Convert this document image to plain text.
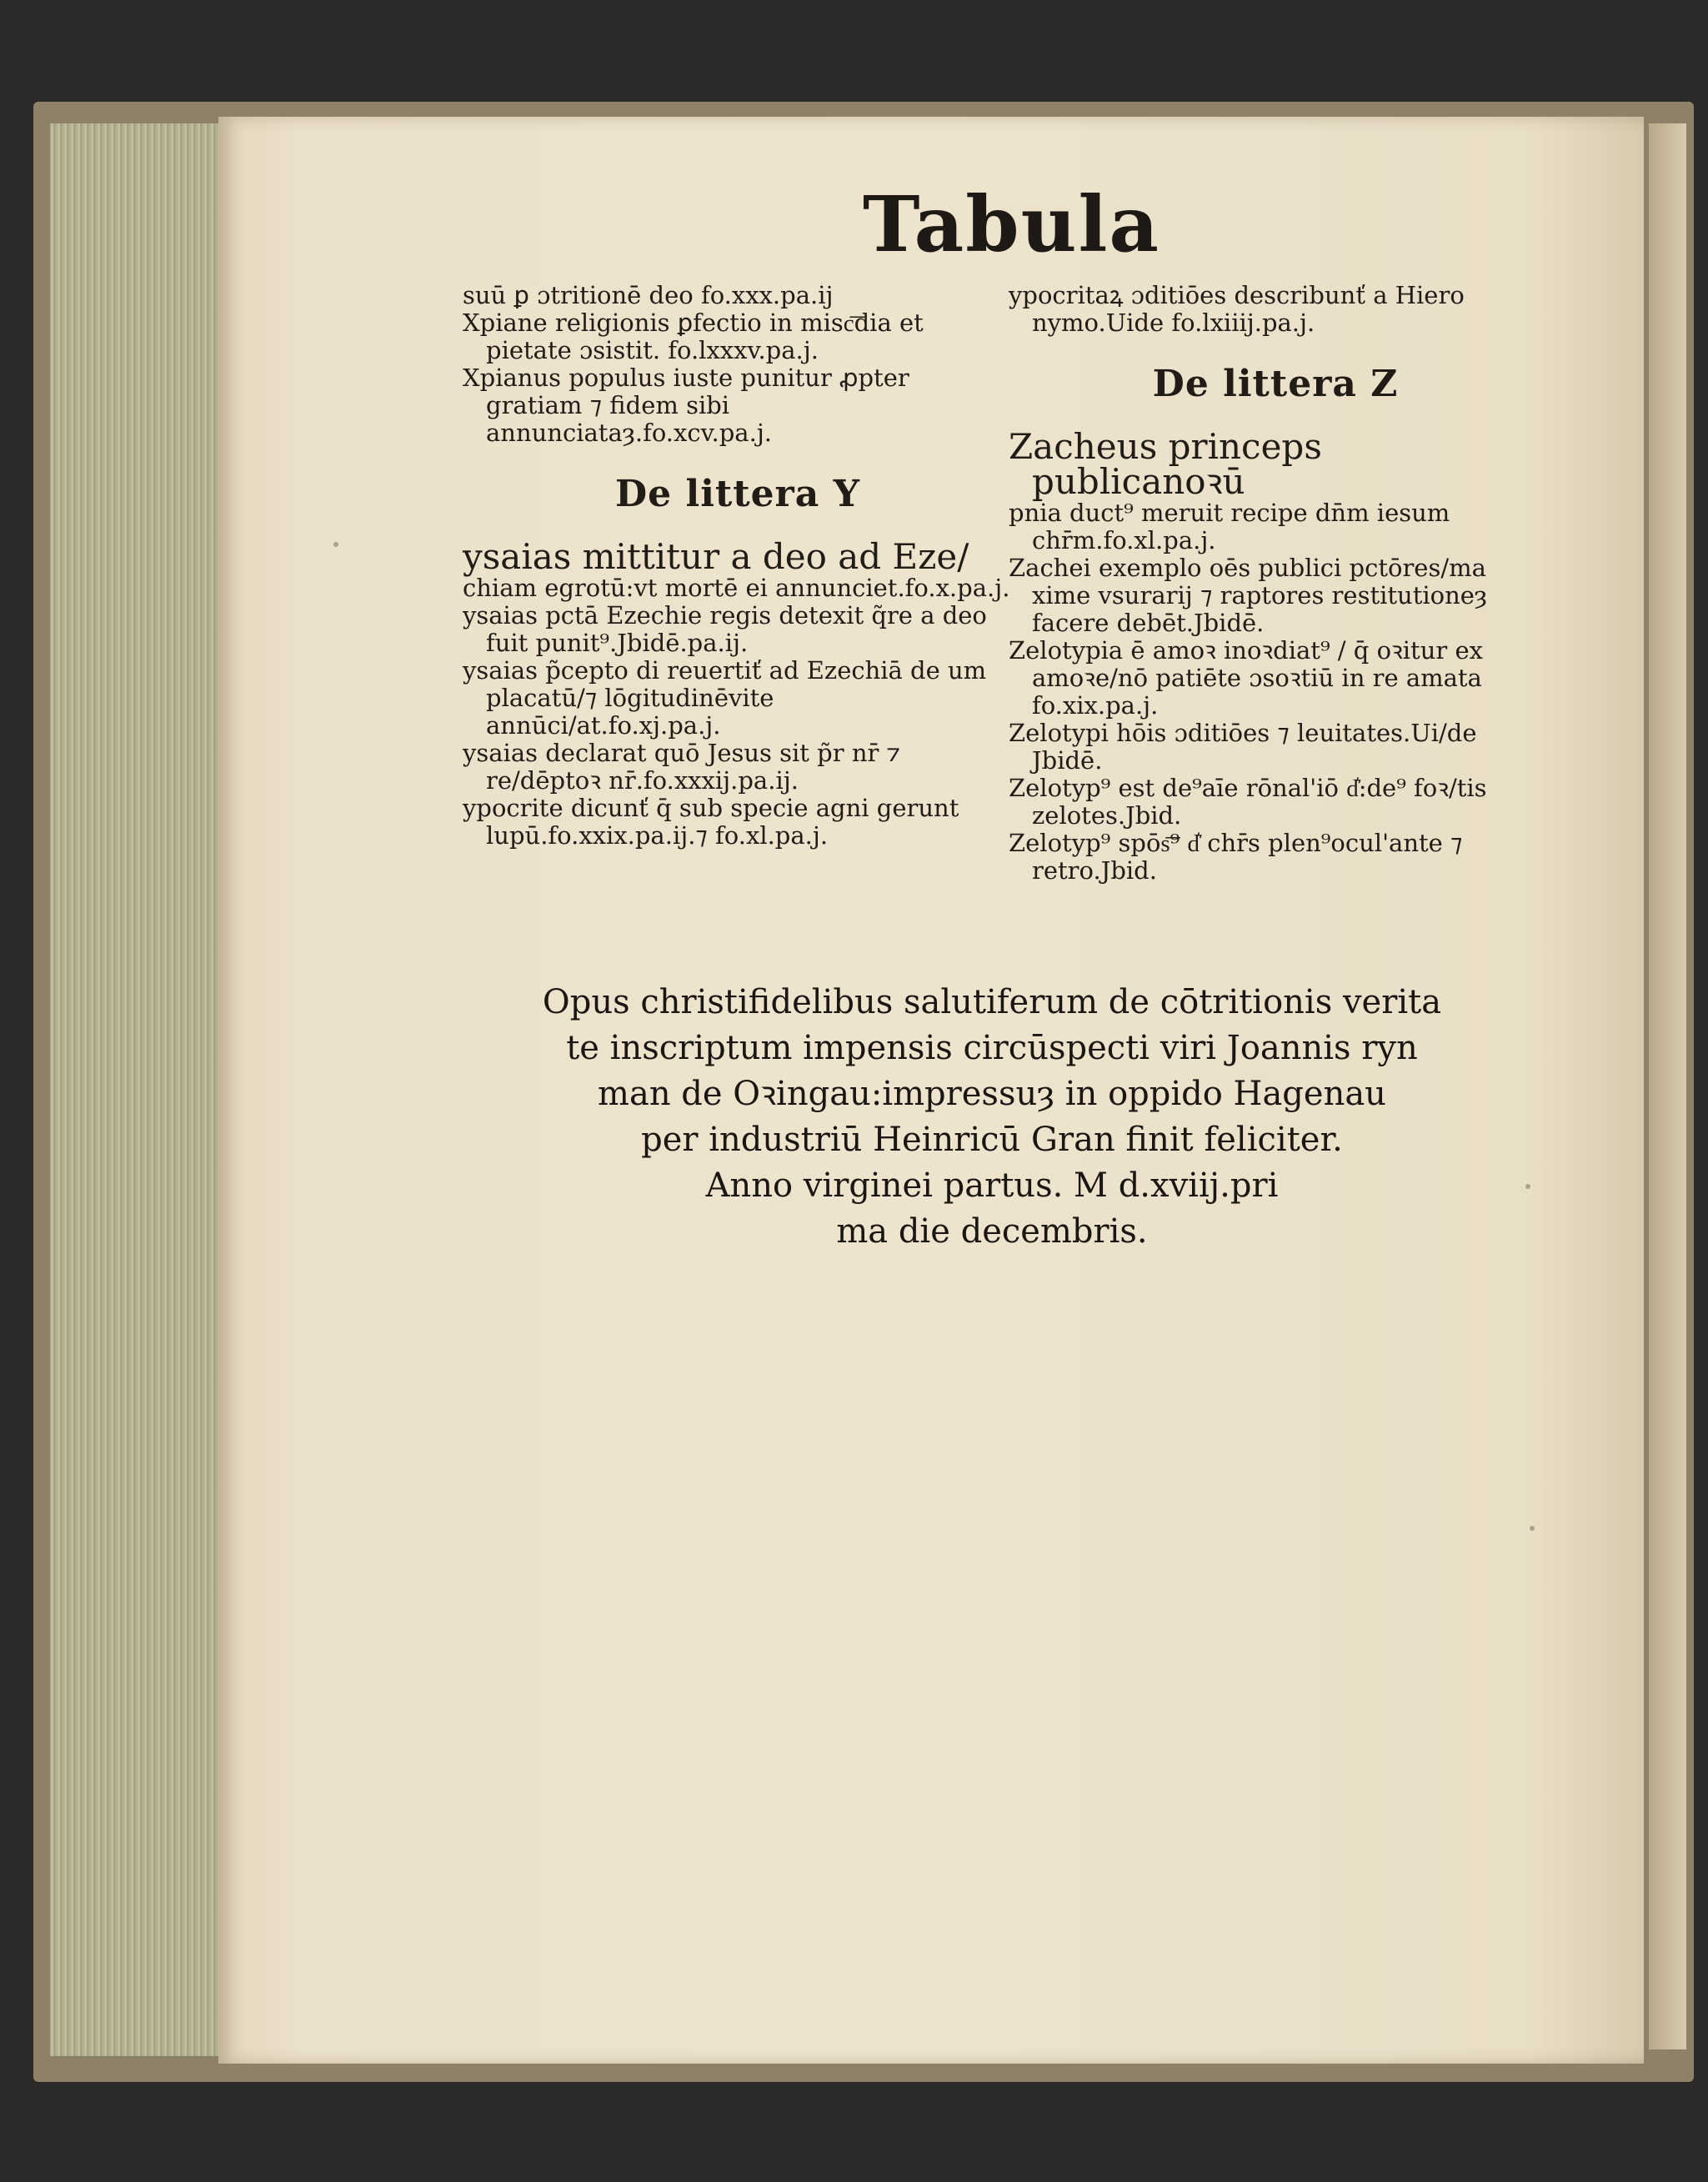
Tabula
suū ꝑ ɔtritionē deo fo.xxx.pa.ij
Xpiane religionis ꝑfectio in misc͞dia et pietate ɔsistit. fo.lxxxv.pa.j.
Xpianus populus iuste punitur ꝓpter gratiam ⁊ fidem sibi annunciataȝ.fo.xcv.pa.j.
De littera Y
ysaias mittitur a deo ad Eze/
chiam egrotū:vt mortē ei annunciet.fo.x.pa.j.
ysaias pctā Ezechie regis detexit q̃re a deo fuit punit⁹.Jbidē.pa.ij.
ysaias p̃cepto di reuertiť ad Ezechiā de um placatū/⁊ lōgitudinēvite annūci/at.fo.xj.pa.j.
ysaias declarat quō Jesus sit p̃r nr̄ ⁊ re/dēptoꝛ nr̄.fo.xxxij.pa.ij.
ypocrite dicunť q̄ sub specie agni gerunt lupū.fo.xxix.pa.ij.⁊ fo.xl.pa.j.
ypocritaꝝ ɔditiōes describunť a Hiero nymo.Uide fo.lxiiij.pa.j.
De littera Z
Zacheus princeps publicanoꝛū
pnia duct⁹ meruit recipe dn̄m iesum chr̄m.fo.xl.pa.j.
Zachei exemplo oēs publici pctōres/ma xime vsurarij ⁊ raptores restitutioneȝ facere debēt.Jbidē.
Zelotypia ē amoꝛ inoꝛdiat⁹ / q̄ oꝛitur ex amoꝛe/nō patiēte ɔsoꝛtiū in re amata fo.xix.pa.j.
Zelotypi hōis ɔditiōes ⁊ leuitates.Ui/de Jbidē.
Zelotyp⁹ est de⁹aīe rōnal'iō d͛:de⁹ foꝛ/tis zelotes.Jbid.
Zelotyp⁹ spōs͞⁹ d͛ chr̄s plen⁹ocul'ante ⁊ retro.Jbid.
Opus christifidelibus salutiferum de cōtritionis verita
te inscriptum impensis circūspecti viri Joannis ryn
man de Oꝛingau:impressuȝ in oppido Hagenau
per industriū Heinricū Gran finit feliciter.
Anno virginei partus. M d.xviij.pri
ma die decembris.
